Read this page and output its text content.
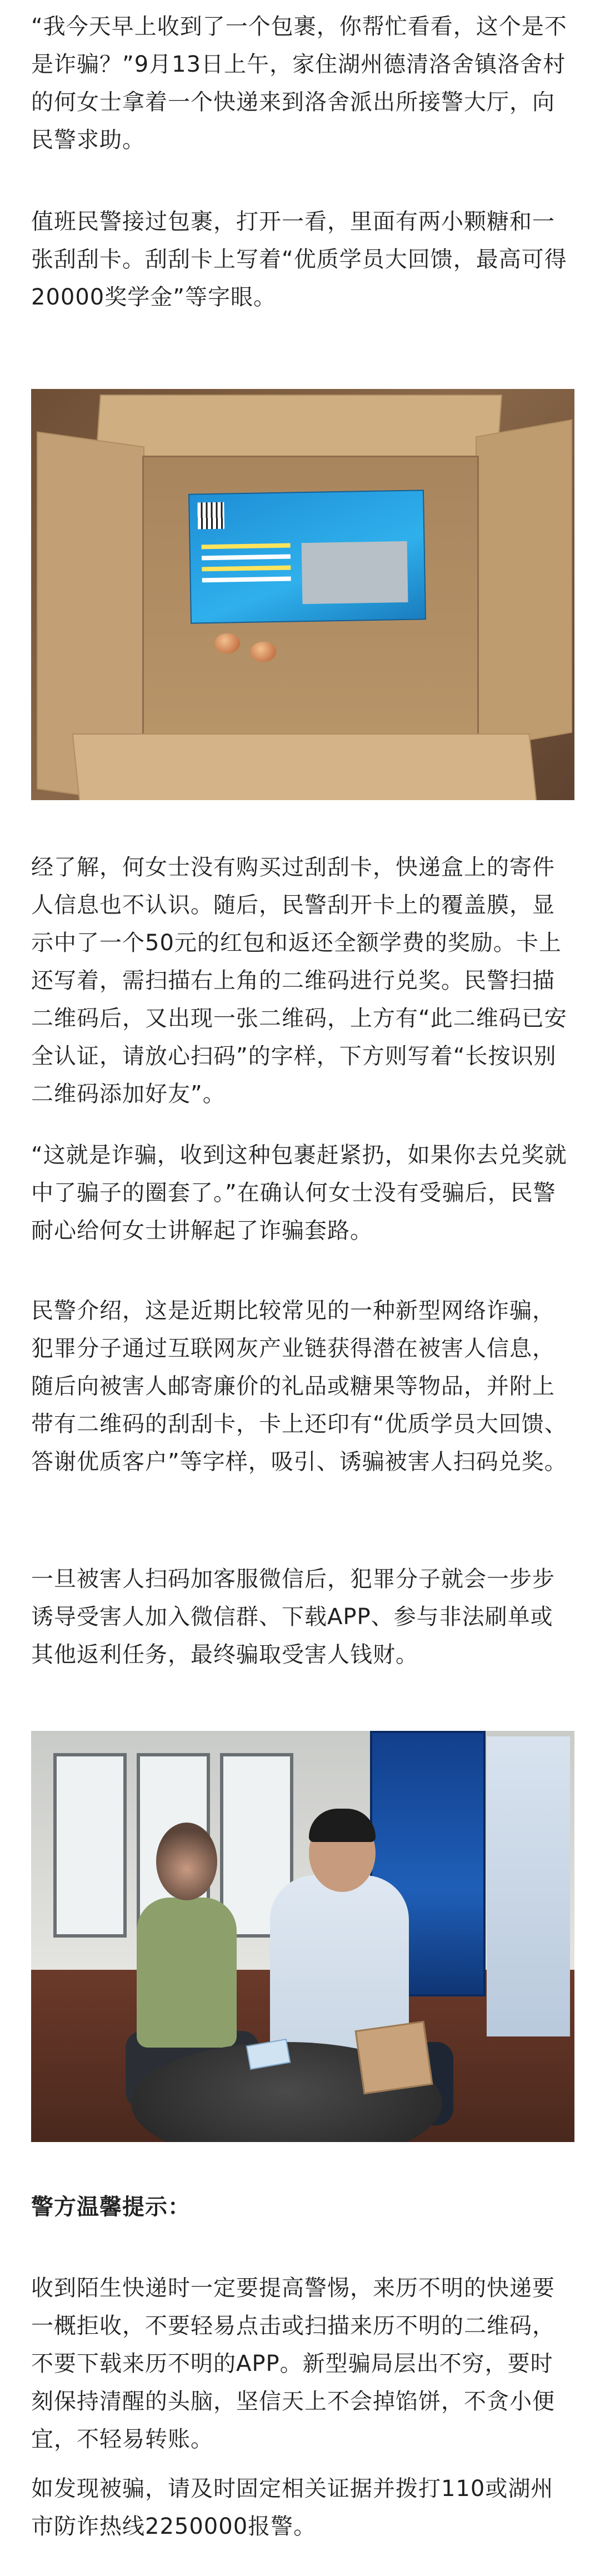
“我今天早上收到了一个包裹，你帮忙看看，这个是不是诈骗？”9月13日上午，家住湖州德清洛舍镇洛舍村的何女士拿着一个快递来到洛舍派出所接警大厅，向民警求助。

值班民警接过包裹，打开一看，里面有两小颗糖和一张刮刮卡。刮刮卡上写着“优质学员大回馈，最高可得20000奖学金”等字眼。

经了解，何女士没有购买过刮刮卡，快递盒上的寄件人信息也不认识。随后，民警刮开卡上的覆盖膜，显示中了一个50元的红包和返还全额学费的奖励。卡上还写着，需扫描右上角的二维码进行兑奖。民警扫描二维码后，又出现一张二维码，上方有“此二维码已安全认证，请放心扫码”的字样，下方则写着“长按识别二维码添加好友”。

“这就是诈骗，收到这种包裹赶紧扔，如果你去兑奖就中了骗子的圈套了。”在确认何女士没有受骗后，民警耐心给何女士讲解起了诈骗套路。

民警介绍，这是近期比较常见的一种新型网络诈骗，犯罪分子通过互联网灰产业链获得潜在被害人信息，随后向被害人邮寄廉价的礼品或糖果等物品，并附上带有二维码的刮刮卡，卡上还印有“优质学员大回馈、答谢优质客户”等字样，吸引、诱骗被害人扫码兑奖。

一旦被害人扫码加客服微信后，犯罪分子就会一步步诱导受害人加入微信群、下载APP、参与非法刷单或其他返利任务，最终骗取受害人钱财。

警方温馨提示：

收到陌生快递时一定要提高警惕，来历不明的快递要一概拒收，不要轻易点击或扫描来历不明的二维码，不要下载来历不明的APP。新型骗局层出不穷，要时刻保持清醒的头脑，坚信天上不会掉馅饼，不贪小便宜，不轻易转账。

如发现被骗，请及时固定相关证据并拨打110或湖州市防诈热线2250000报警。
